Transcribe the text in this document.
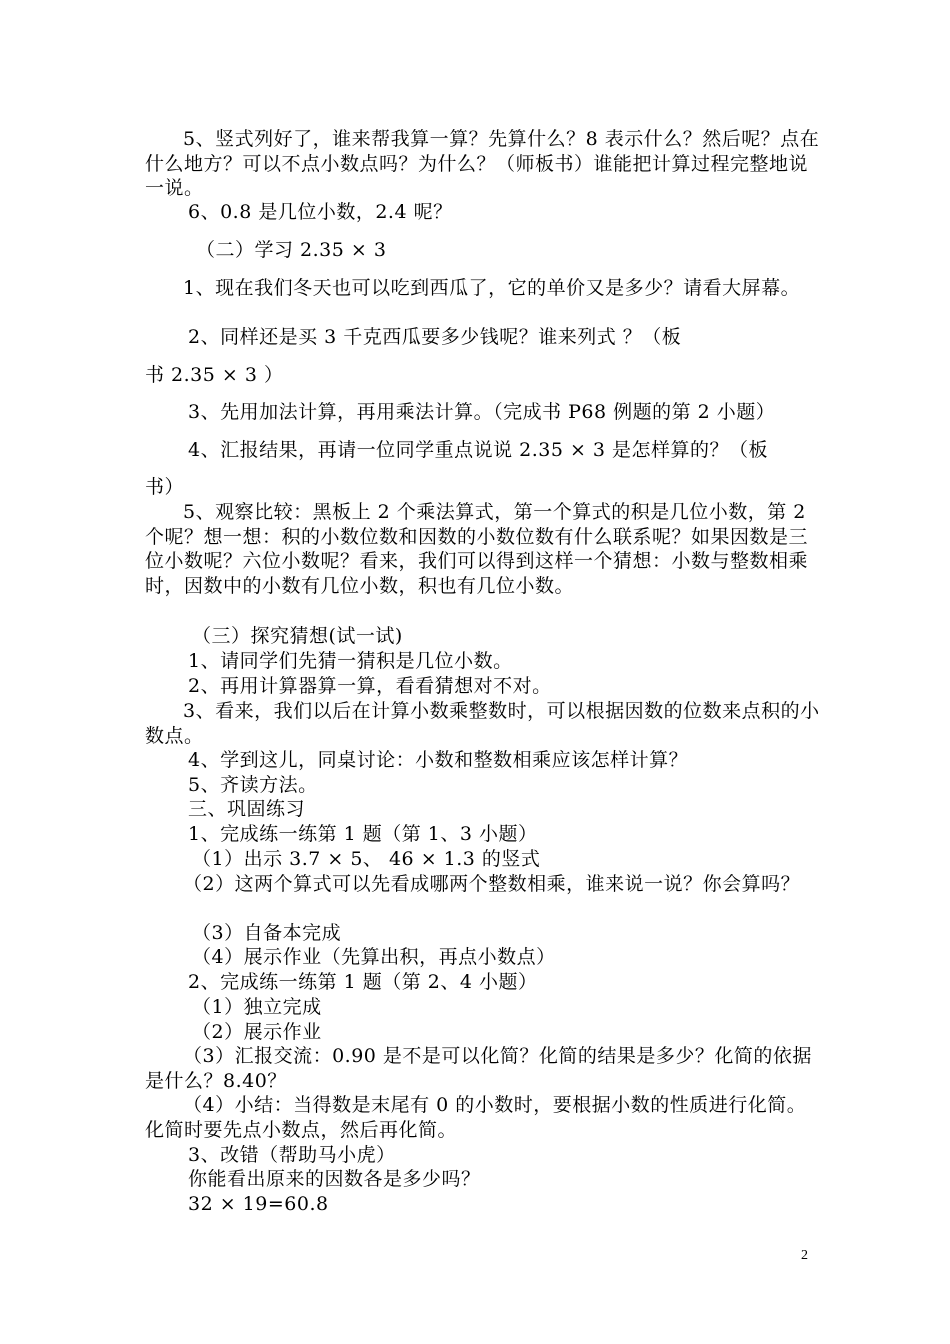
5、竖式列好了，谁来帮我算一算？先算什么？8 表示什么？然后呢？点在什么地方？可以不点小数点吗？为什么？（师板书）谁能把计算过程完整地说一说。

6、0.8 是几位小数，2.4 呢？

（二）学习 2.35 × 3

1、现在我们冬天也可以吃到西瓜了，它的单价又是多少？请看大屏幕。

2、同样还是买 3 千克西瓜要多少钱呢？谁来列式 ？（板

书 2.35 × 3 ）

3、先用加法计算，再用乘法计算。（完成书 P68 例题的第 2 小题）

4、汇报结果，再请一位同学重点说说 2.35 × 3 是怎样算的？（板

书）

5、观察比较：黑板上 2 个乘法算式，第一个算式的积是几位小数，第 2 个呢？想一想：积的小数位数和因数的小数位数有什么联系呢？如果因数是三位小数呢？六位小数呢？看来，我们可以得到这样一个猜想：小数与整数相乘时，因数中的小数有几位小数，积也有几位小数。

（三）探究猜想(试一试)

1、请同学们先猜一猜积是几位小数。

2、再用计算器算一算，看看猜想对不对。

3、看来，我们以后在计算小数乘整数时，可以根据因数的位数来点积的小数点。

4、学到这儿，同桌讨论：小数和整数相乘应该怎样计算？

5、齐读方法。

三、巩固练习

1、完成练一练第 1 题（第 1、3 小题）

（1）出示 3.7 × 5、 46 × 1.3 的竖式

（2）这两个算式可以先看成哪两个整数相乘，谁来说一说？你会算吗？

（3）自备本完成

（4）展示作业（先算出积，再点小数点）

2、完成练一练第 1 题（第 2、4 小题）

（1）独立完成

（2）展示作业

（3）汇报交流：0.90 是不是可以化简？化简的结果是多少？化简的依据是什么？8.40？

（4）小结：当得数是末尾有 0 的小数时，要根据小数的性质进行化简。化简时要先点小数点，然后再化简。

3、改错（帮助马小虎）

你能看出原来的因数各是多少吗？

32 × 19=60.8

2
